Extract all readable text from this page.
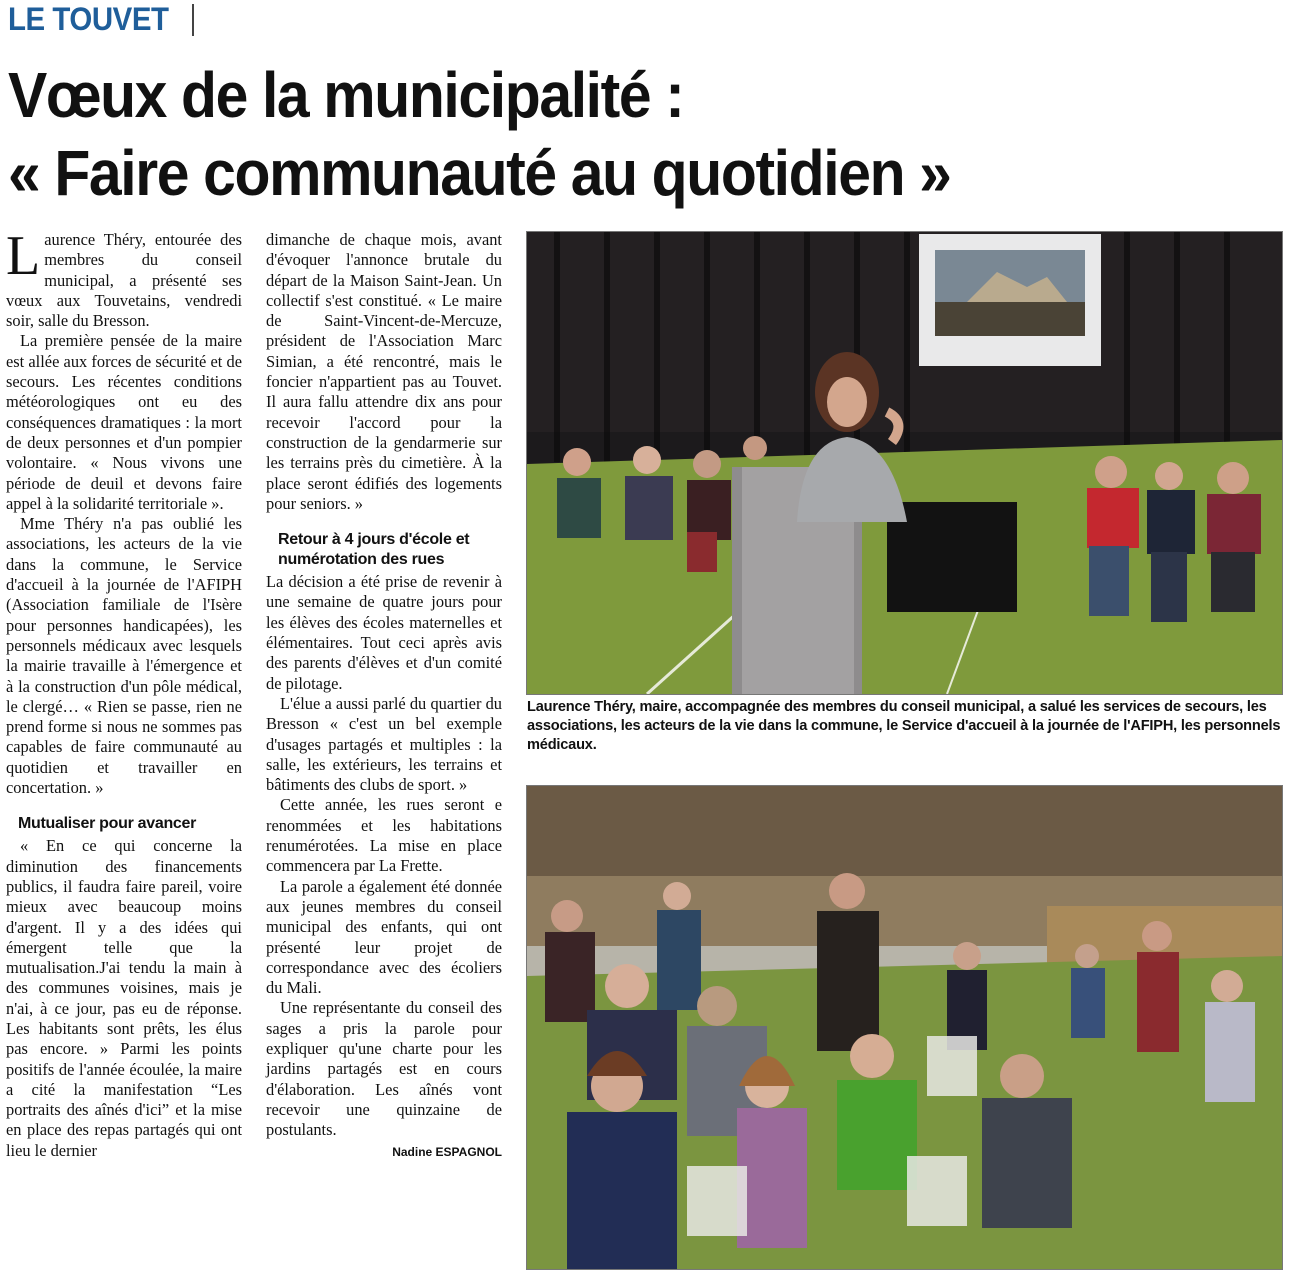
LE TOUVET
Vœux de la municipalité :
« Faire communauté au quotidien »

Laurence Théry, entourée des membres du conseil municipal, a présenté ses vœux aux Touvetains, vendredi soir, salle du Bresson.

La première pensée de la maire est allée aux forces de sécurité et de secours. Les récentes conditions météorologiques ont eu des conséquences dramatiques : la mort de deux personnes et d'un pompier volontaire. « Nous vivons une période de deuil et devons faire appel à la solidarité territoriale ».

Mme Théry n'a pas oublié les associations, les acteurs de la vie dans la commune, le Service d'accueil à la journée de l'AFIPH (Association familiale de l'Isère pour personnes handicapées), les personnels médicaux avec lesquels la mairie travaille à l'émergence et à la construction d'un pôle médical, le clergé… « Rien se passe, rien ne prend forme si nous ne sommes pas capables de faire communauté au quotidien et travailler en concertation. »

Mutualiser pour avancer

« En ce qui concerne la diminution des financements publics, il faudra faire pareil, voire mieux avec beaucoup moins d'argent. Il y a des idées qui émergent telle que la mutualisation.J'ai tendu la main à des communes voisines, mais je n'ai, à ce jour, pas eu de réponse. Les habitants sont prêts, les élus pas encore. » Parmi les points positifs de l'année écoulée, la maire a cité la manifestation “Les portraits des aînés d'ici” et la mise en place des repas partagés qui ont lieu le dernier

dimanche de chaque mois, avant d'évoquer l'annonce brutale du départ de la Maison Saint-Jean. Un collectif s'est constitué. « Le maire de Saint-Vincent-de-Mercuze, président de l'Association Marc Simian, a été rencontré, mais le foncier n'appartient pas au Touvet. Il aura fallu attendre dix ans pour recevoir l'accord pour la construction de la gendarmerie sur les terrains près du cimetière. À la place seront édifiés des logements pour seniors. »

Retour à 4 jours d'école et numérotation des rues

La décision a été prise de revenir à une semaine de quatre jours pour les élèves des écoles maternelles et élémentaires. Tout ceci après avis des parents d'élèves et d'un comité de pilotage.

L'élue a aussi parlé du quartier du Bresson « c'est un bel exemple d'usages partagés et multiples : la salle, les extérieurs, les terrains et bâtiments des clubs de sport. »

Cette année, les rues seront e renommées et les habitations renumérotées. La mise en place commencera par La Frette.

La parole a également été donnée aux jeunes membres du conseil municipal des enfants, qui ont présenté leur projet de correspondance avec des écoliers du Mali.

Une représentante du conseil des sages a pris la parole pour expliquer qu'une charte pour les jardins partagés est en cours d'élaboration. Les aînés vont recevoir une quinzaine de postulants.

Nadine ESPAGNOL
Laurence Théry, maire, accompagnée des membres du conseil municipal, a salué les services de secours, les associations, les acteurs de la vie dans la commune, le Service d'accueil à la journée de l'AFIPH, les personnels médicaux.
